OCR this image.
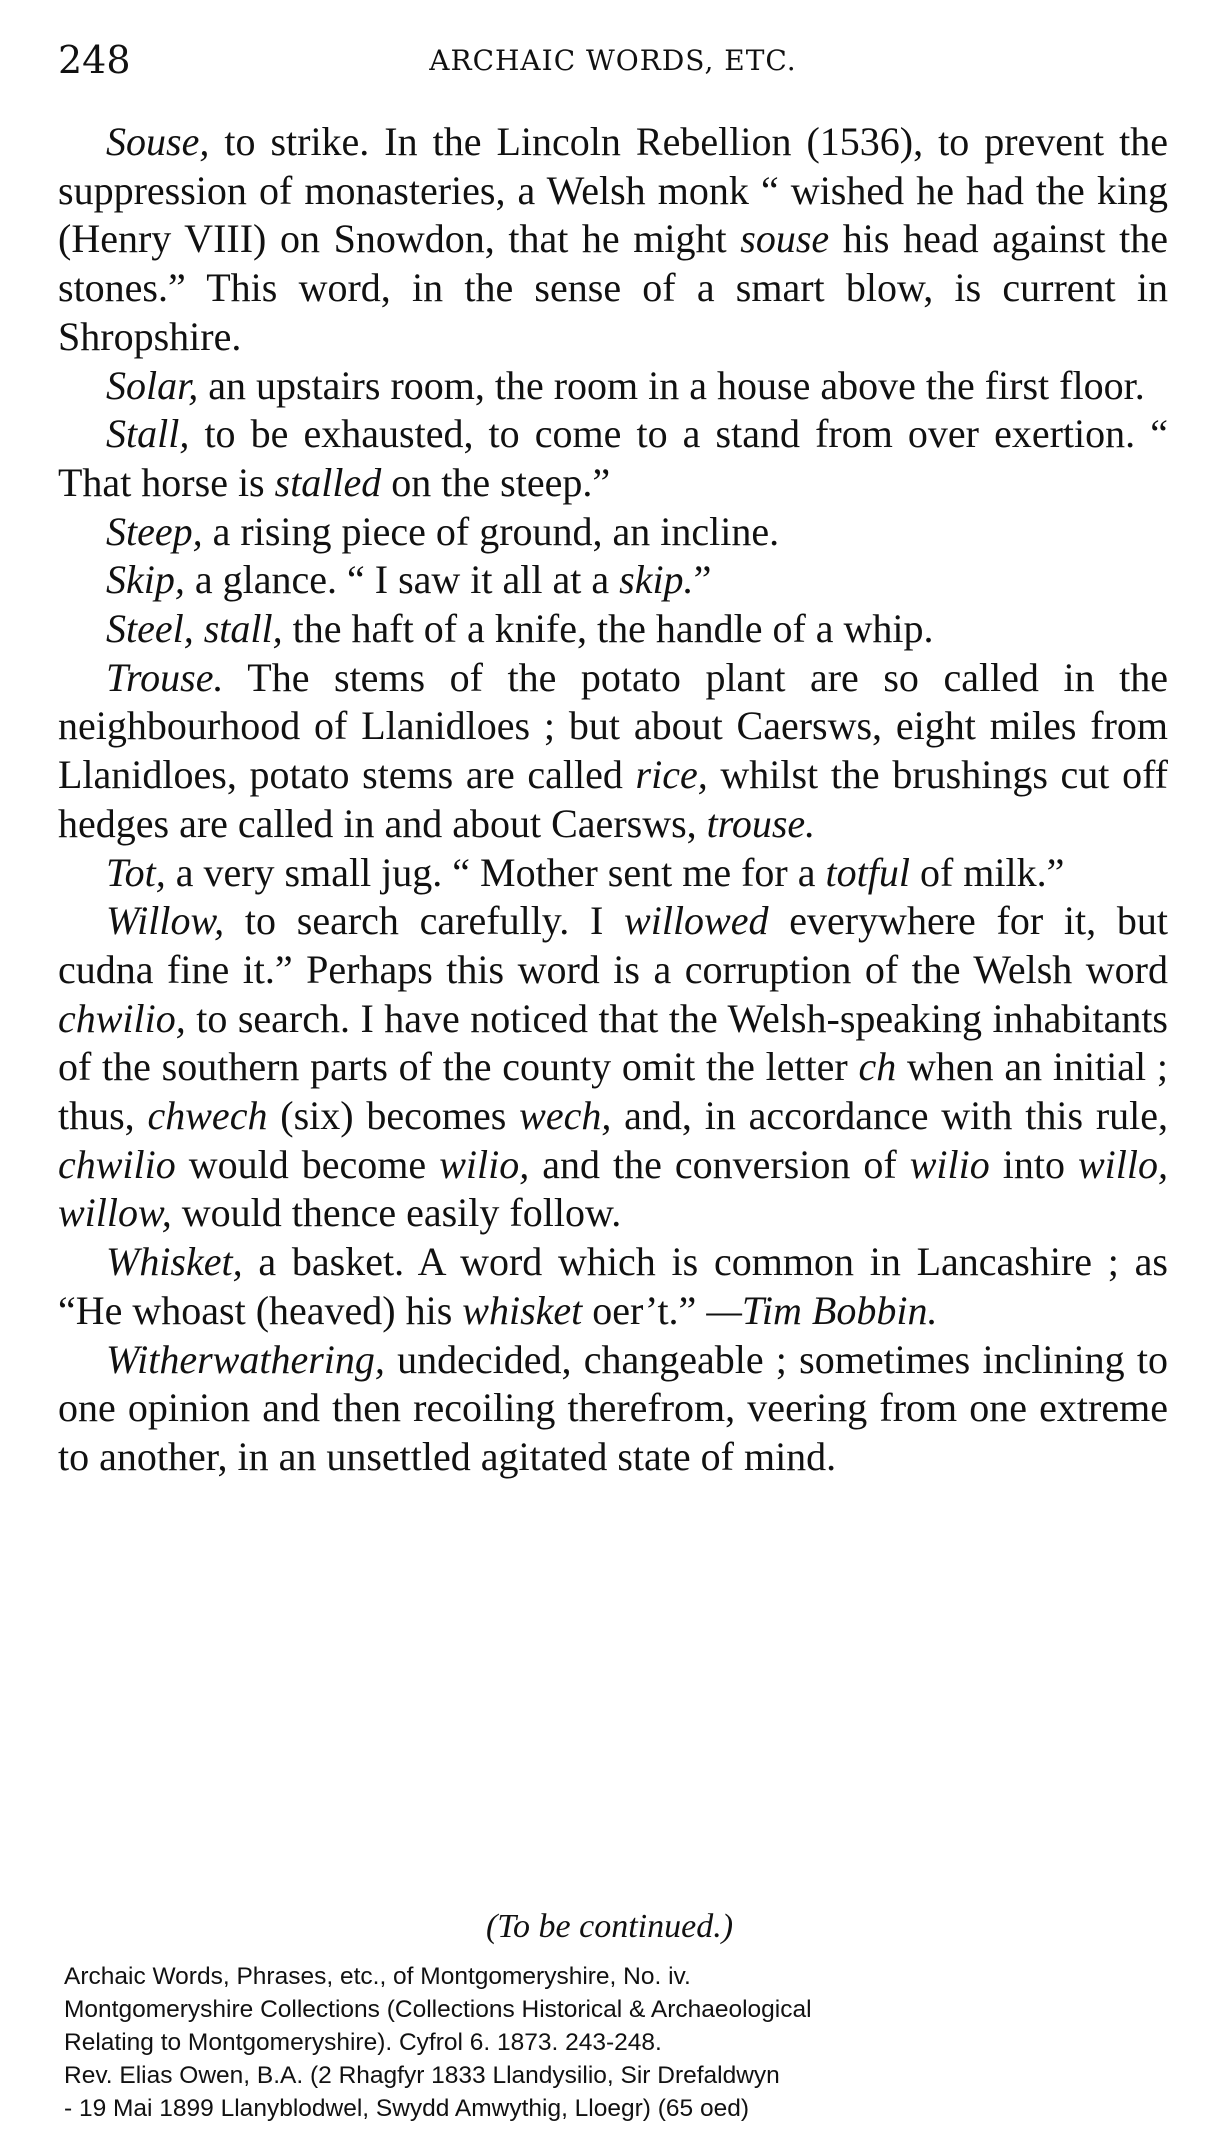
248	ARCHAIC WORDS, ETC.

Souse, to strike. In the Lincoln Rebellion (1536), to prevent the suppression of monasteries, a Welsh monk “ wished he had the king (Henry VIII) on Snowdon, that he might souse his head against the stones.” This word, in the sense of a smart blow, is current in Shropshire.

Solar, an upstairs room, the room in a house above the first floor.

Stall, to be exhausted, to come to a stand from over exertion. “ That horse is stalled on the steep.”

Steep, a rising piece of ground, an incline.

Skip, a glance. “ I saw it all at a skip.”

Steel, stall, the haft of a knife, the handle of a whip.

Trouse. The stems of the potato plant are so called in the neighbourhood of Llanidloes ; but about Caersws, eight miles from Llanidloes, potato stems are called rice, whilst the brushings cut off hedges are called in and about Caersws, trouse.

Tot, a very small jug. “ Mother sent me for a totful of milk.”

Willow, to search carefully. I willowed everywhere for it, but cudna fine it.” Perhaps this word is a corruption of the Welsh word chwilio, to search. I have noticed that the Welsh-speaking inhabitants of the southern parts of the county omit the letter ch when an initial ; thus, chwech (six) becomes wech, and, in accordance with this rule, chwilio would become wilio, and the conversion of wilio into willo, willow, would thence easily follow.

Whisket, a basket. A word which is common in Lancashire ; as “He whoast (heaved) his whisket oer’t.” —Tim Bobbin.

Witherwathering, undecided, changeable ; sometimes inclining to one opinion and then recoiling therefrom, veering from one extreme to another, in an unsettled agitated state of mind.

(To be continued.)
Archaic Words, Phrases, etc., of Montgomeryshire, No. iv.
Montgomeryshire Collections (Collections Historical & Archaeological
Relating to Montgomeryshire). Cyfrol 6. 1873. 243-248.
Rev. Elias Owen, B.A. (2 Rhagfyr 1833 Llandysilio, Sir Drefaldwyn
- 19 Mai 1899 Llanyblodwel, Swydd Amwythig, Lloegr) (65 oed)
